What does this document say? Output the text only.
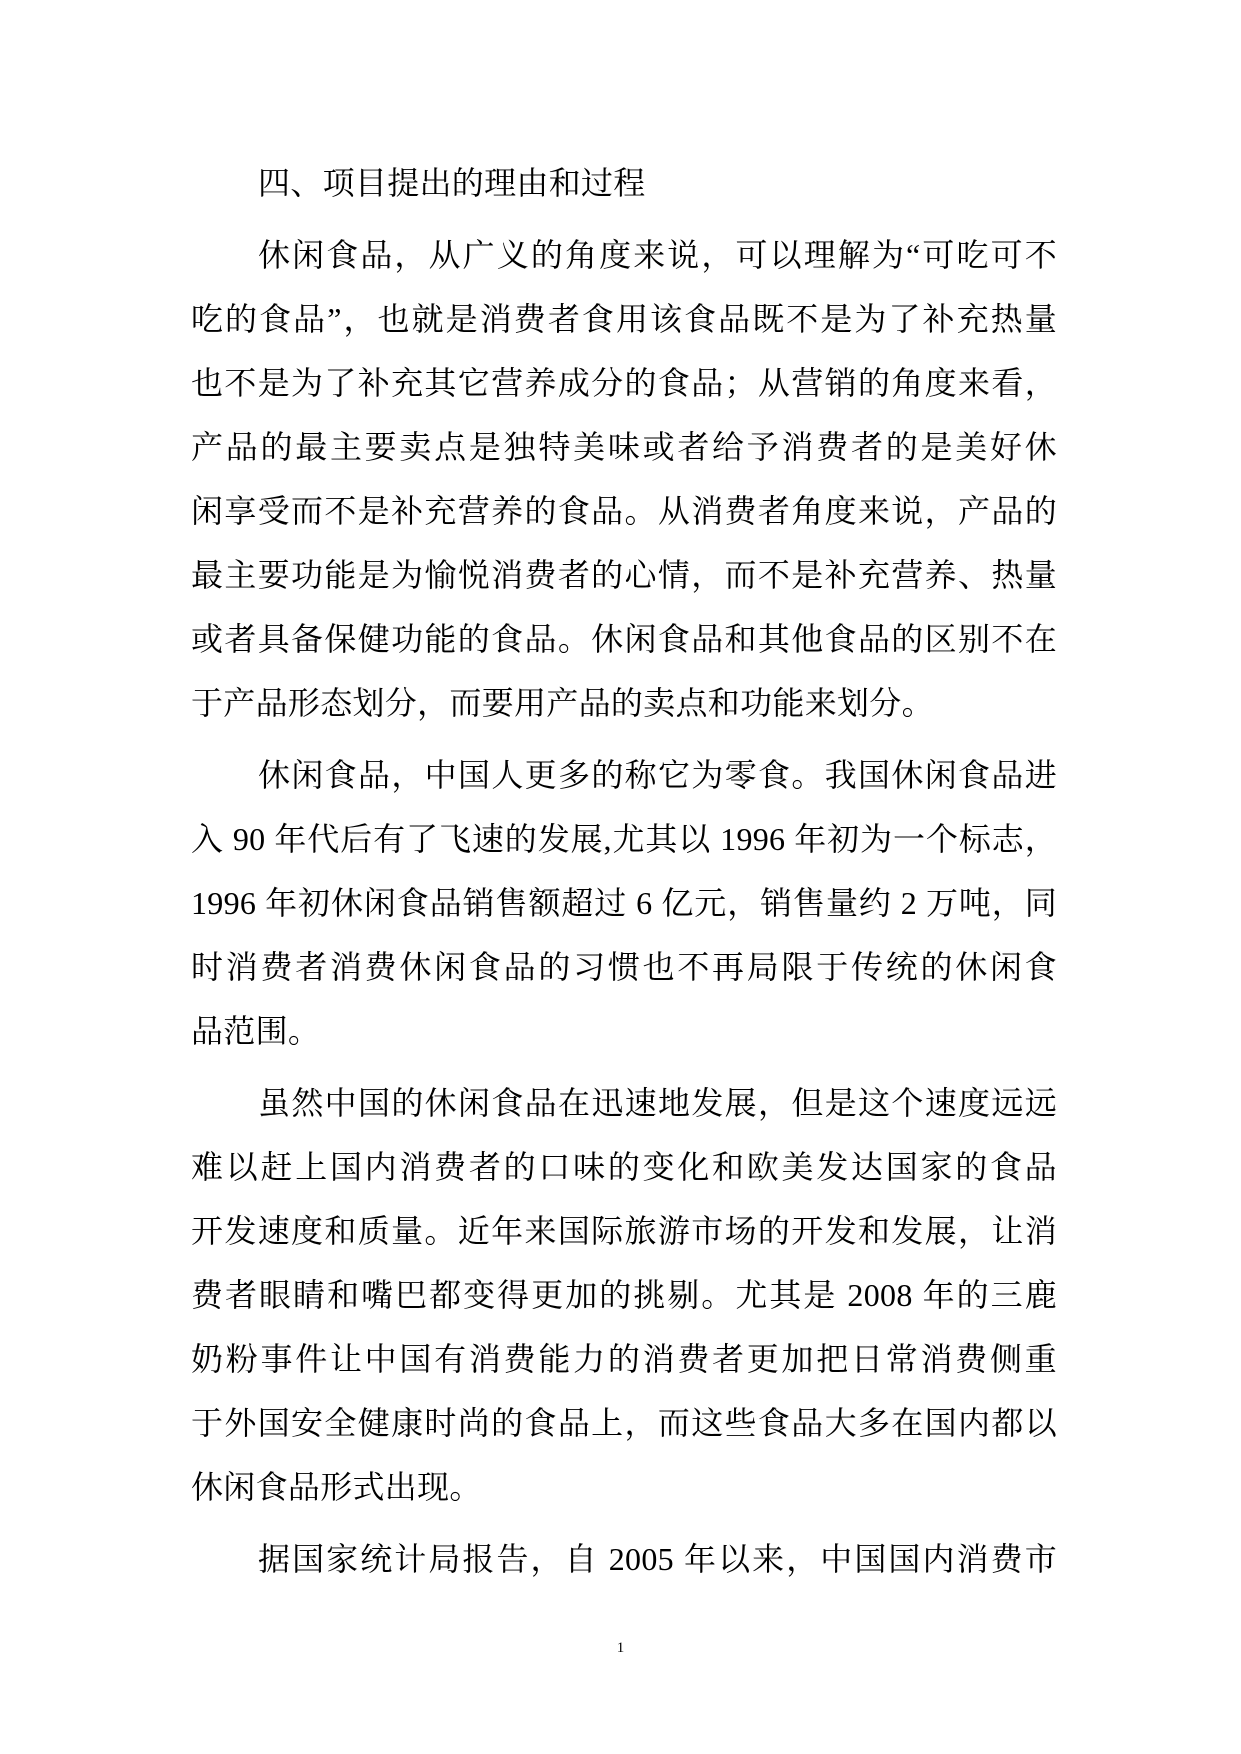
四、项目提出的理由和过程
休闲食品，从广义的角度来说，可以理解为“可吃可不
吃的食品”，也就是消费者食用该食品既不是为了补充热量
也不是为了补充其它营养成分的食品；从营销的角度来看，
产品的最主要卖点是独特美味或者给予消费者的是美好休
闲享受而不是补充营养的食品。从消费者角度来说，产品的
最主要功能是为愉悦消费者的心情，而不是补充营养、热量
或者具备保健功能的食品。休闲食品和其他食品的区别不在
于产品形态划分，而要用产品的卖点和功能来划分。
休闲食品，中国人更多的称它为零食。我国休闲食品进
入 90 年代后有了飞速的发展,尤其以 1996 年初为一个标志，
1996 年初休闲食品销售额超过 6 亿元，销售量约 2 万吨，同
时消费者消费休闲食品的习惯也不再局限于传统的休闲食
品范围。
虽然中国的休闲食品在迅速地发展，但是这个速度远远
难以赶上国内消费者的口味的变化和欧美发达国家的食品
开发速度和质量。近年来国际旅游市场的开发和发展，让消
费者眼睛和嘴巴都变得更加的挑剔。尤其是 2008 年的三鹿
奶粉事件让中国有消费能力的消费者更加把日常消费侧重
于外国安全健康时尚的食品上，而这些食品大多在国内都以
休闲食品形式出现。
据国家统计局报告，自 2005 年以来，中国国内消费市
1
